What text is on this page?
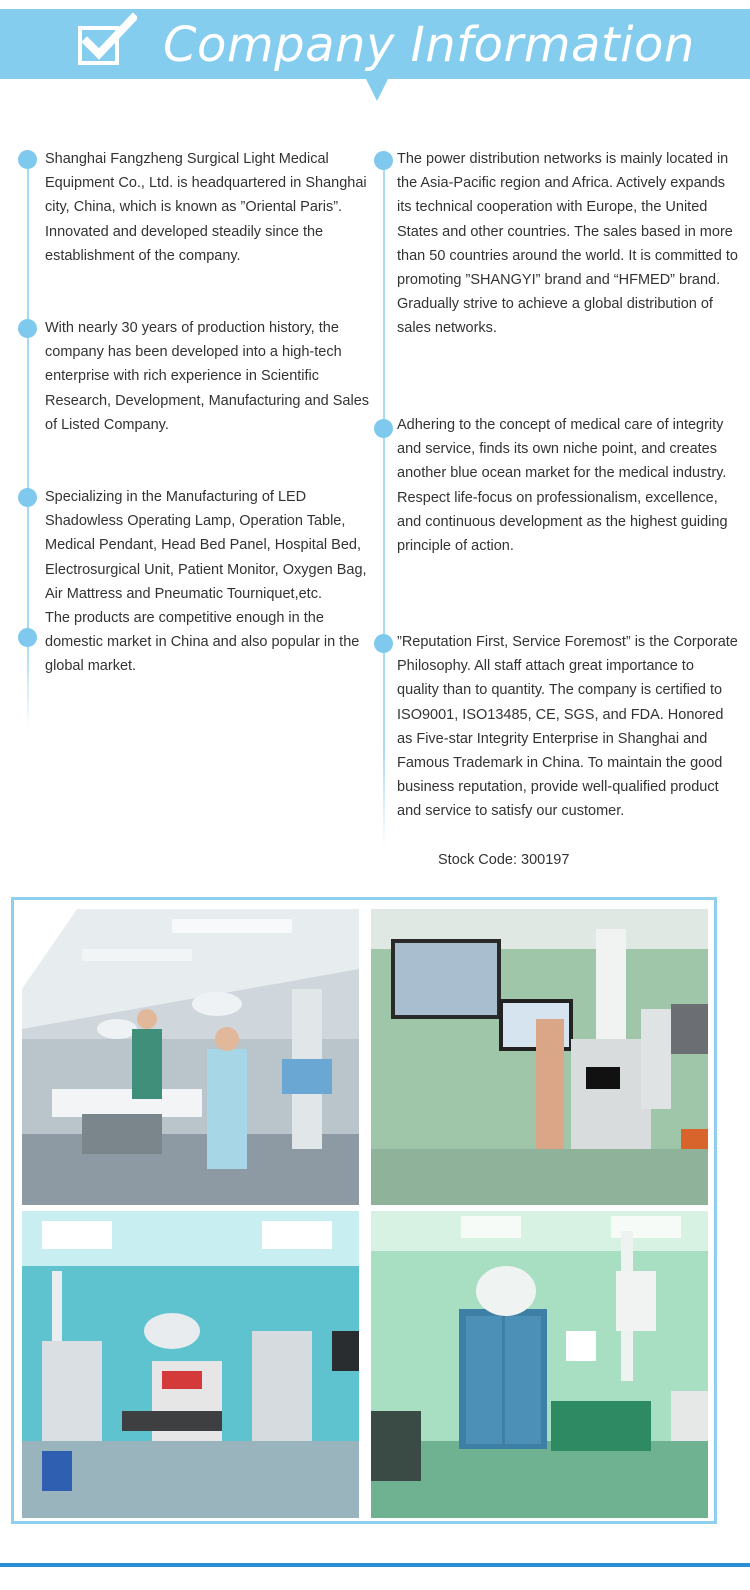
Company Information
Shanghai Fangzheng Surgical Light Medical Equipment Co., Ltd. is headquartered in Shanghai city, China, which is known as ”Oriental Paris”. Innovated and developed steadily since the establishment of the company.
With nearly 30 years of production history, the company has been developed into a high-tech enterprise with rich experience in Scientific Research, Development, Manufacturing and Sales of Listed Company.
Specializing in the Manufacturing of LED Shadowless Operating Lamp, Operation Table, Medical Pendant, Head Bed Panel, Hospital Bed, Electrosurgical Unit, Patient Monitor, Oxygen Bag, Air Mattress and Pneumatic Tourniquet,etc.
The products are competitive enough in the domestic market in China and also popular in the global market.
The power distribution networks is mainly located in the Asia-Pacific region and Africa. Actively expands its technical cooperation with Europe, the United States and other countries. The sales based in more than 50 countries around the world. It is committed to promoting ”SHANGYI” brand and “HFMED” brand. Gradually strive to achieve a global distribution of sales networks.
Adhering to the concept of medical care of integrity and service, finds its own niche point, and creates another blue ocean market for the medical industry. Respect life-focus on professionalism, excellence, and continuous development as the highest guiding principle of action.
”Reputation First, Service Foremost” is the Corporate Philosophy. All staff attach great importance to quality than to quantity. The company is certified to ISO9001, ISO13485, CE, SGS, and FDA. Honored as Five-star Integrity Enterprise in Shanghai and Famous Trademark in China. To maintain the good business reputation, provide well-qualified product and service to satisfy our customer.
Stock Code: 300197
